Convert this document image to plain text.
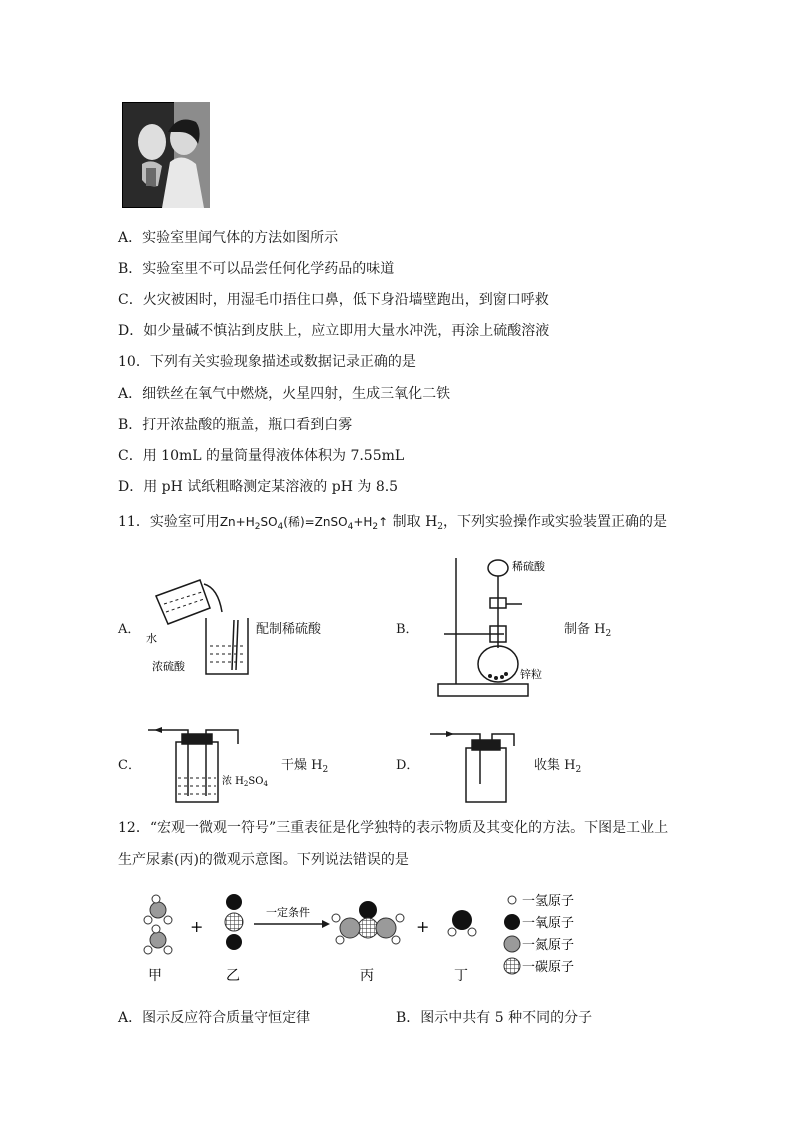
A．实验室里闻气体的方法如图所示
B．实验室里不可以品尝任何化学药品的味道
C．火灾被困时，用湿毛巾捂住口鼻，低下身沿墙壁跑出，到窗口呼救
D．如少量碱不慎沾到皮肤上，应立即用大量水冲洗，再涂上硫酸溶液
10．下列有关实验现象描述或数据记录正确的是
A．细铁丝在氧气中燃烧，火星四射，生成三氧化二铁
B．打开浓盐酸的瓶盖，瓶口看到白雾
C．用 10mL 的量筒量得液体体积为 7.55mL
D．用 pH 试纸粗略测定某溶液的 pH 为 8.5
11．实验室可用$Zn+H_2SO_4$(稀)$=ZnSO_4+H_2↑$ 制取 $H_2$，下列实验操作或实验装置正确的是
A．
水
浓硫酸
配制稀硫酸	B．
稀硫酸
锌粒
制备 $H_2$
C．
浓 $H_2SO_4$
干燥 $H_2$	D．	收集 $H_2$
12．“宏观一微观一符号”三重表征是化学独特的表示物质及其变化的方法。下图是工业上
生产尿素(丙)的微观示意图。下列说法错误的是
+
一定条件
+
甲	乙	丙	丁
一氢原子
一氧原子
一氮原子
一碳原子
A．图示反应符合质量守恒定律	B．图示中共有 5 种不同的分子
